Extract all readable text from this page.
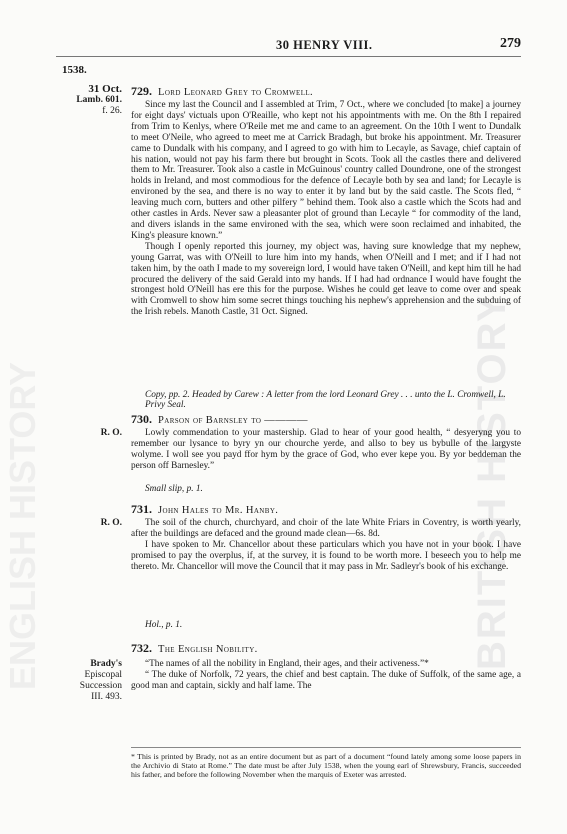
ENGLISH HISTORY	BRITISH HISTORY
30 HENRY VIII.	279
1538.
31 Oct.
Lamb. 601.
f. 26.
729. Lord Leonard Grey to Cromwell.

Since my last the Council and I assembled at Trim, 7 Oct., where we concluded [to make] a journey for eight days' victuals upon O'Reaille, who kept not his appointments with me. On the 8th I repaired from Trim to Kenlys, where O'Reile met me and came to an agreement. On the 10th I went to Dundalk to meet O'Neile, who agreed to meet me at Carrick Bradagh, but broke his appointment. Mr. Treasurer came to Dundalk with his company, and I agreed to go with him to Lecayle, as Savage, chief captain of his nation, would not pay his farm there but brought in Scots. Took all the castles there and delivered them to Mr. Treasurer. Took also a castle in McGuinous' country called Doundrone, one of the strongest holds in Ireland, and most commodious for the defence of Lecayle both by sea and land; for Lecayle is environed by the sea, and there is no way to enter it by land but by the said castle. The Scots fled, “ leaving much corn, butters and other pilfery ” behind them. Took also a castle which the Scots had and other castles in Ards. Never saw a pleasanter plot of ground than Lecayle “ for commodity of the land, and divers islands in the same environed with the sea, which were soon reclaimed and inhabited, the King's pleasure known.”

Though I openly reported this journey, my object was, having sure knowledge that my nephew, young Garrat, was with O'Neill to lure him into my hands, when O'Neill and I met; and if I had not taken him, by the oath I made to my sovereign lord, I would have taken O'Neill, and kept him till he had procured the delivery of the said Gerald into my hands. If I had had ordnance I would have fought the strongest hold O'Neill has ere this for the purpose. Wishes he could get leave to come over and speak with Cromwell to show him some secret things touching his nephew's apprehension and the subduing of the Irish rebels. Manoth Castle, 31 Oct. Signed.

Copy, pp. 2. Headed by Carew : A letter from the lord Leonard Grey . . . unto the L. Cromwell, L. Privy Seal.
730. Parson of Barnsley to ————
R. O.	Lowly commendation to your mastership. Glad to hear of your good health, “ desyeryng you to remember our lysance to byry yn our chourche yerde, and allso to bey us bybulle of the largyste wolyme. I woll see you payd ffor hym by the grace of God, who ever kepe you. By yor beddeman the person off Barnesley.”

Small slip, p. 1.
731. John Hales to Mr. Hanby.
R. O.	The soil of the church, churchyard, and choir of the late White Friars in Coventry, is worth yearly, after the buildings are defaced and the ground made clean—6s. 8d.

I have spoken to Mr. Chancellor about these particulars which you have not in your book. I have promised to pay the overplus, if, at the survey, it is found to be worth more. I beseech you to help me thereto. Mr. Chancellor will move the Council that it may pass in Mr. Sadleyr's book of his exchange.

Hol., p. 1.
732. The English Nobility.
Brady's
Episcopal
Succession
III. 493.

“The names of all the nobility in England, their ages, and their activeness.”*

“ The duke of Norfolk, 72 years, the chief and best captain. The duke of Suffolk, of the same age, a good man and captain, sickly and half lame. The

* This is printed by Brady, not as an entire document but as part of a document “found lately among some loose papers in the Archivio di Stato at Rome.” The date must be after July 1538, when the young earl of Shrewsbury, Francis, succeeded his father, and before the following November when the marquis of Exeter was arrested.
